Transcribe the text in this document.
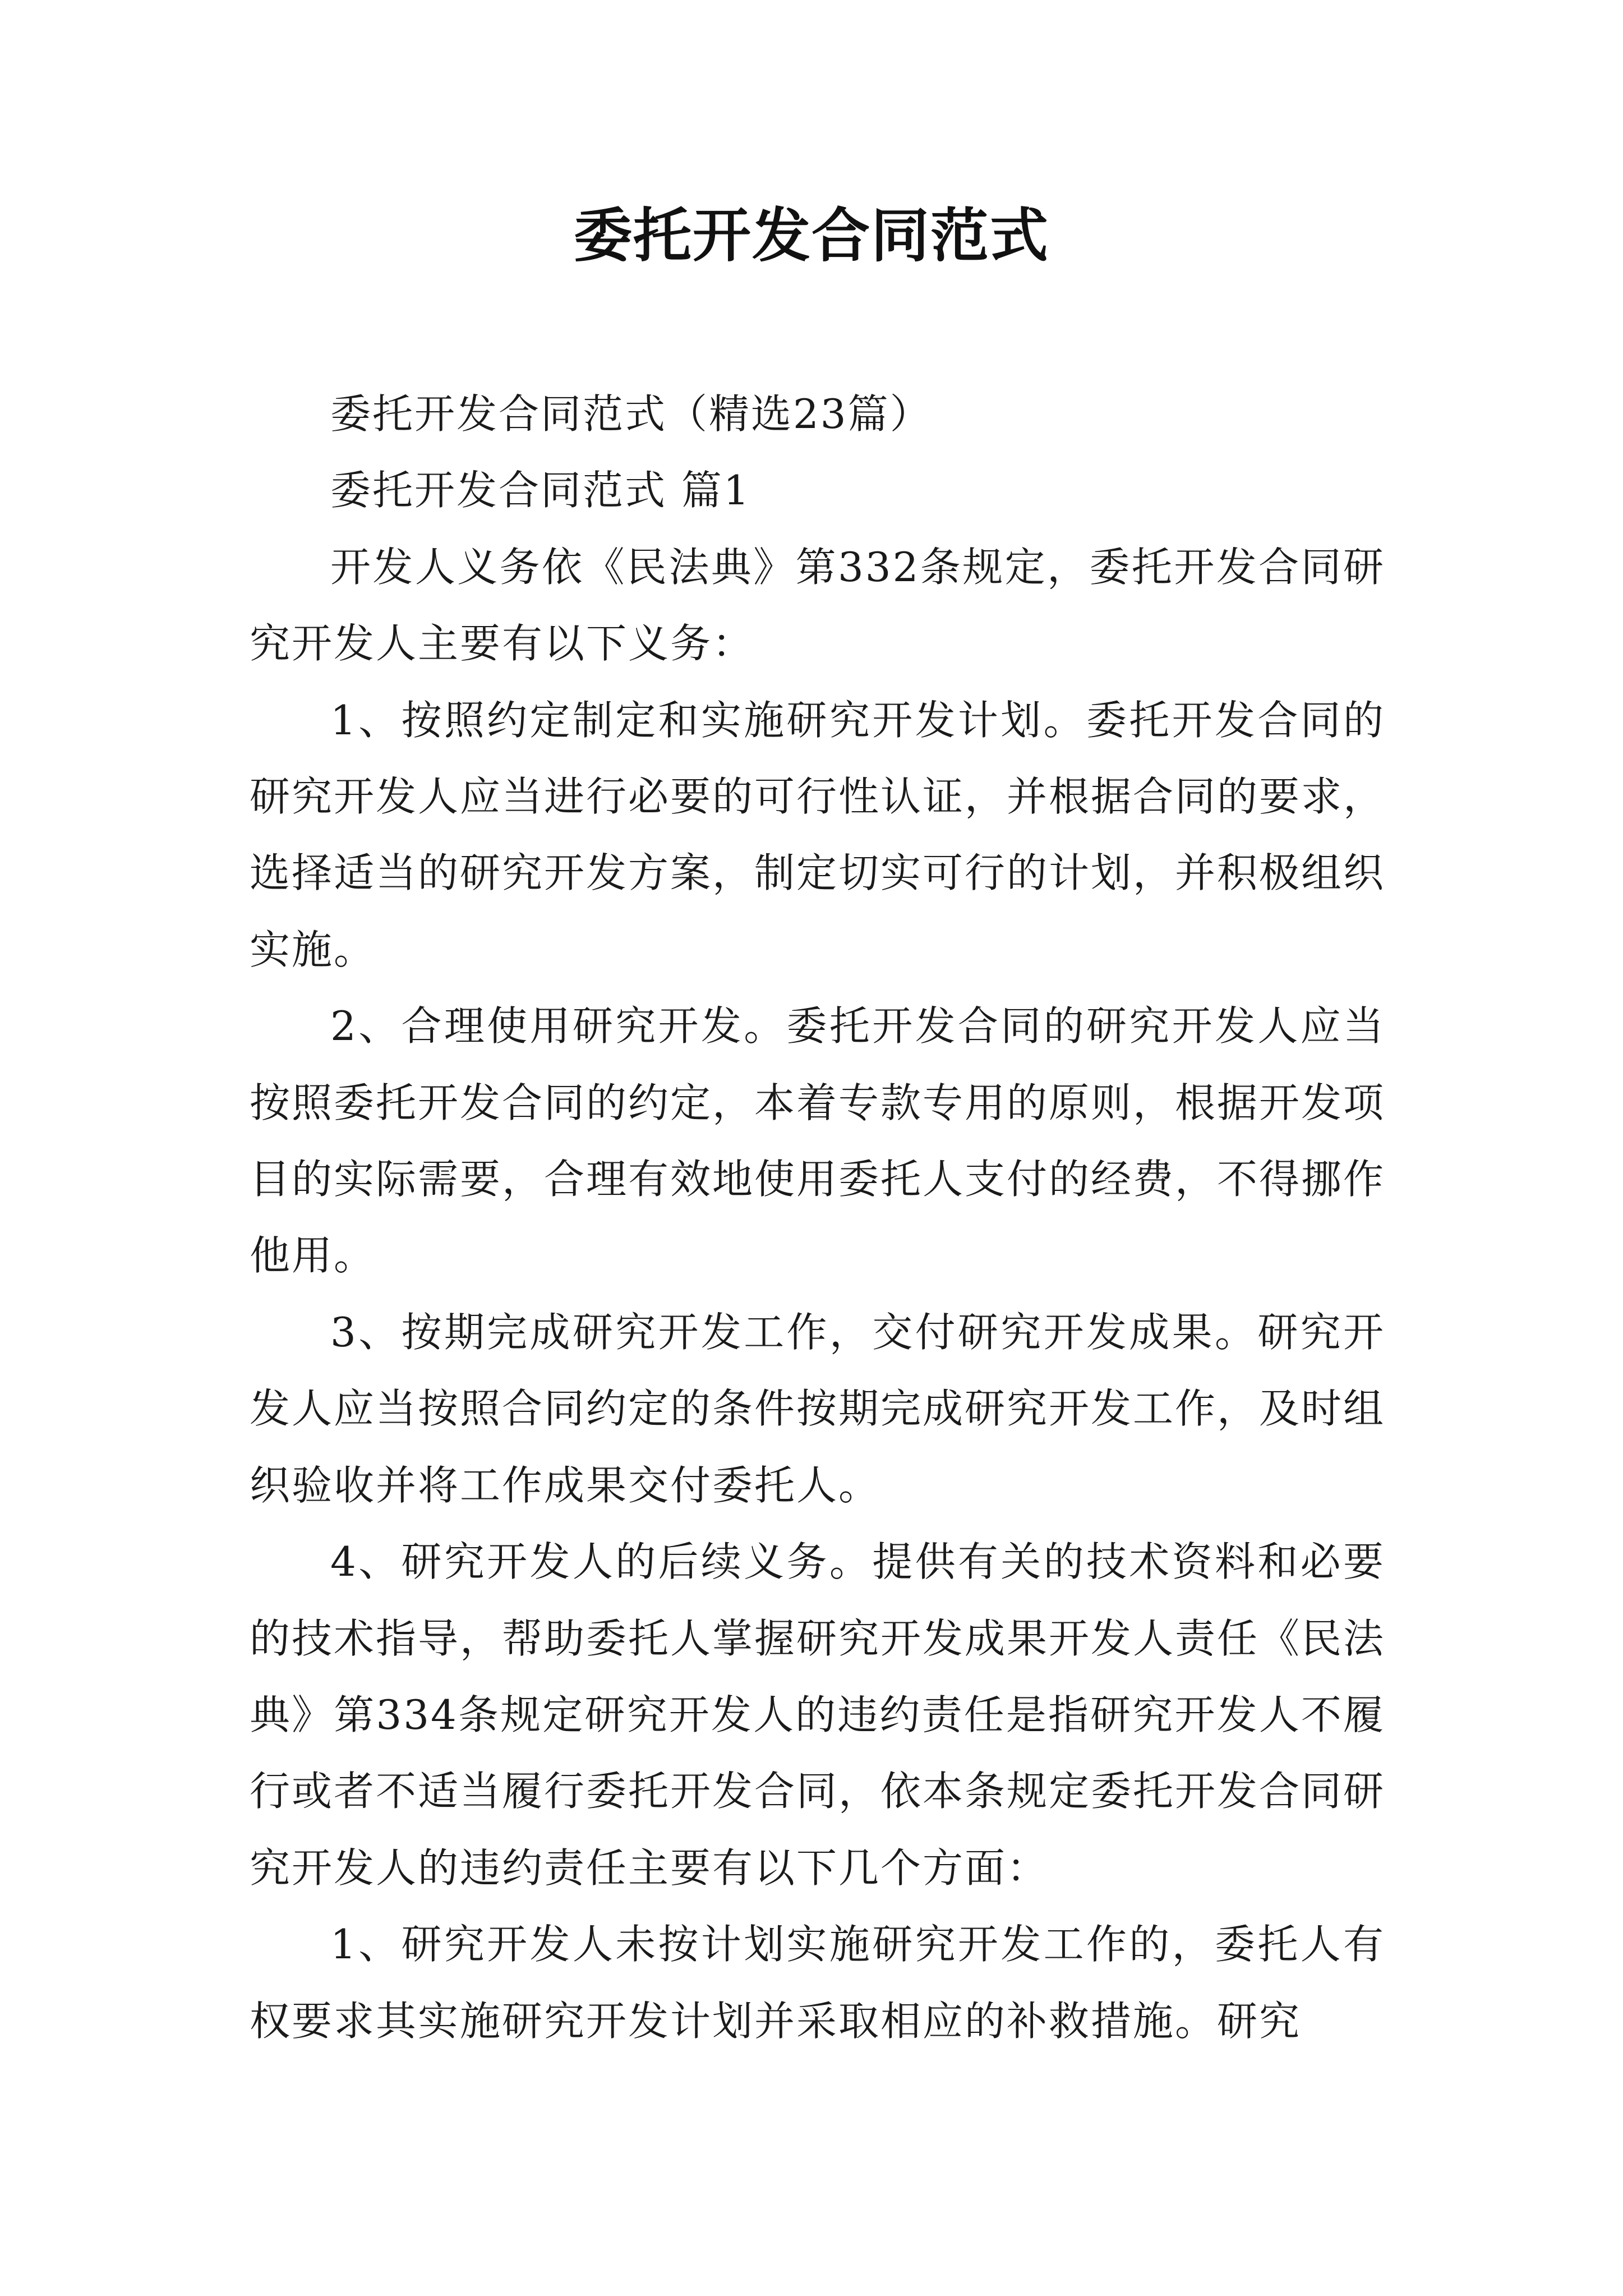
委托开发合同范式

委托开发合同范式（精选23篇）

委托开发合同范式 篇1

开发人义务依《民法典》第332条规定，委托开发合同研究开发人主要有以下义务：

1、按照约定制定和实施研究开发计划。委托开发合同的研究开发人应当进行必要的可行性认证，并根据合同的要求，选择适当的研究开发方案，制定切实可行的计划，并积极组织实施。

2、合理使用研究开发。委托开发合同的研究开发人应当按照委托开发合同的约定，本着专款专用的原则，根据开发项目的实际需要，合理有效地使用委托人支付的经费，不得挪作他用。

3、按期完成研究开发工作，交付研究开发成果。研究开发人应当按照合同约定的条件按期完成研究开发工作，及时组织验收并将工作成果交付委托人。

4、研究开发人的后续义务。提供有关的技术资料和必要的技术指导，帮助委托人掌握研究开发成果开发人责任《民法典》第334条规定研究开发人的违约责任是指研究开发人不履行或者不适当履行委托开发合同，依本条规定委托开发合同研究开发人的违约责任主要有以下几个方面：

1、研究开发人未按计划实施研究开发工作的，委托人有权要求其实施研究开发计划并采取相应的补救措施。研究
